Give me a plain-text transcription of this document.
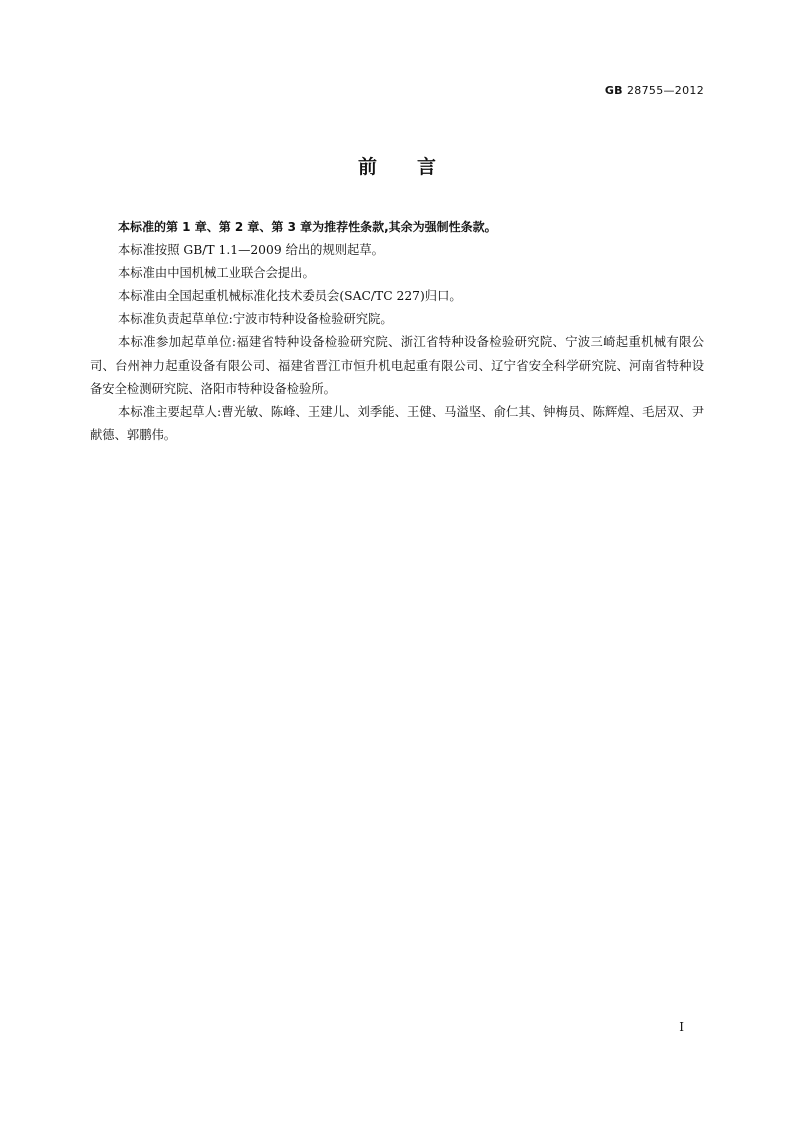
GB 28755—2012
前言

本标准的第 1 章、第 2 章、第 3 章为推荐性条款,其余为强制性条款。

本标准按照 GB/T 1.1—2009 给出的规则起草。

本标准由中国机械工业联合会提出。

本标准由全国起重机械标准化技术委员会(SAC/TC 227)归口。

本标准负责起草单位:宁波市特种设备检验研究院。

本标准参加起草单位:福建省特种设备检验研究院、浙江省特种设备检验研究院、宁波三崎起重机械有限公司、台州神力起重设备有限公司、福建省晋江市恒升机电起重有限公司、辽宁省安全科学研究院、河南省特种设备安全检测研究院、洛阳市特种设备检验所。

本标准主要起草人:曹光敏、陈峰、王建儿、刘季能、王健、马溢坚、俞仁其、钟梅员、陈辉煌、毛居双、尹献德、郭鹏伟。

I
